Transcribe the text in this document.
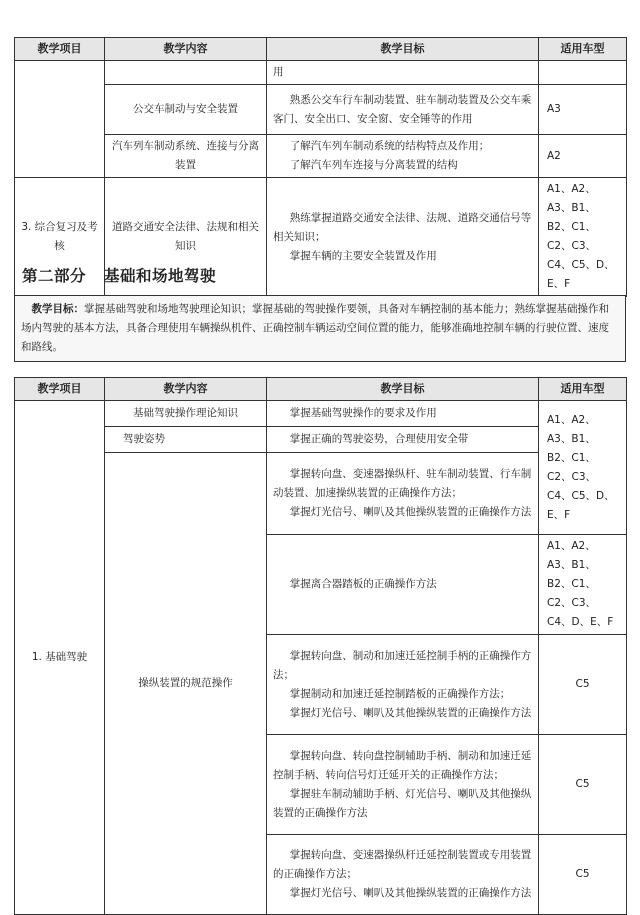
教学项目	教学内容	教学目标	适用车型

		用	

	公交车制动与安全装置	熟悉公交车行车制动装置、驻车制动装置及公交车乘客门、安全出口、安全窗、安全锤等的作用	A3
	汽车列车制动系统、连接与分离装置	了解汽车列车制动系统的结构特点及作用；
了解汽车列车连接与分离装置的结构	A2
3. 综合复习及考核	道路交通安全法律、法规和相关知识	熟练掌握道路交通安全法律、法规、道路交通信号等相关知识；
掌握车辆的主要安全装置及作用	A1、A2、A3、B1、B2、C1、C2、C3、C4、C5、D、E、F
第二部分 基础和场地驾驶
教学目标：掌握基础驾驶和场地驾驶理论知识；掌握基础的驾驶操作要领，具备对车辆控制的基本能力；熟练掌握基础操作和场内驾驶的基本方法，具备合理使用车辆操纵机件、正确控制车辆运动空间位置的能力，能够准确地控制车辆的行驶位置、速度和路线。
教学项目	教学内容	教学目标	适用车型
1. 基础驾驶	基础驾驶操作理论知识	掌握基础驾驶操作的要求及作用	A1、A2、A3、B1、B2、C1、C2、C3、C4、C5、D、E、F
	驾驶姿势	掌握正确的驾驶姿势，合理使用安全带	

	操纵装置的规范操作	掌握转向盘、变速器操纵杆、驻车制动装置、行车制动装置、加速操纵装置的正确操作方法；
掌握灯光信号、喇叭及其他操纵装置的正确操作方法	

		掌握离合器踏板的正确操作方法	A1、A2、A3、B1、B2、C1、C2、C3、C4、D、E、F

		掌握转向盘、制动和加速迁延控制手柄的正确操作方法；
掌握制动和加速迁延控制踏板的正确操作方法；
掌握灯光信号、喇叭及其他操纵装置的正确操作方法	C5

		掌握转向盘、转向盘控制辅助手柄、制动和加速迁延控制手柄、转向信号灯迁延开关的正确操作方法；
掌握驻车制动辅助手柄、灯光信号、喇叭及其他操纵装置的正确操作方法	C5

		掌握转向盘、变速器操纵杆迁延控制装置或专用装置的正确操作方法；
掌握灯光信号、喇叭及其他操纵装置的正确操作方法	C5
